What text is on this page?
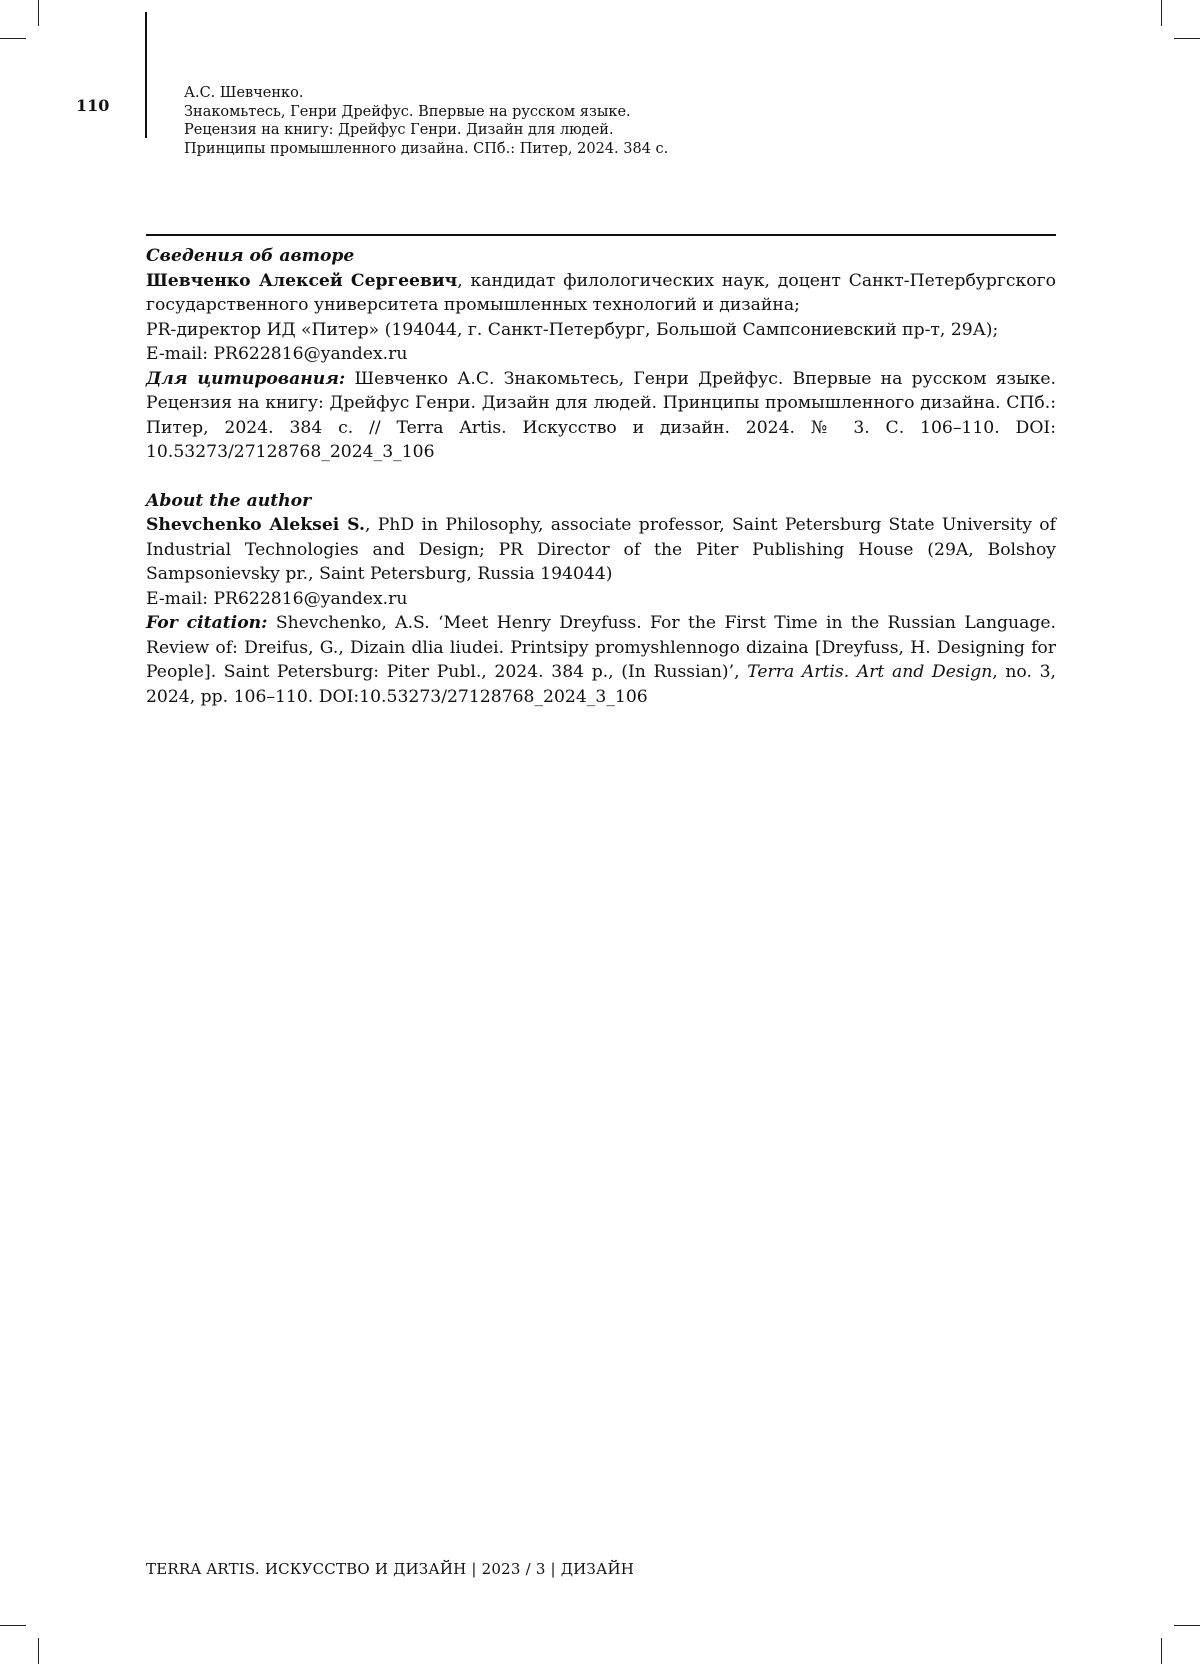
110
А.С. Шевченко.
Знакомьтесь, Генри Дрейфус. Впервые на русском языке.
Рецензия на книгу: Дрейфус Генри. Дизайн для людей.
Принципы промышленного дизайна. СПб.: Питер, 2024. 384 с.

Сведения об авторе

Шевченко Алексей Сергеевич, кандидат филологических наук, доцент Санкт-Петербургского государственного университета промышленных технологий и дизайна;

PR-директор ИД «Питер» (194044, г. Санкт-Петербург, Большой Сампсониевский пр-т, 29А);

E-mail: PR622816@yandex.ru

Для цитирования: Шевченко А.С. Знакомьтесь, Генри Дрейфус. Впервые на русском языке. Рецензия на книгу: Дрейфус Генри. Дизайн для людей. Принципы промышленного дизайна. СПб.: Питер, 2024. 384 с. // Terra Artis. Искусство и дизайн. 2024. № 3. С. 106–110. DOI: 10.53273/27128768_2024_3_106

About the author

Shevchenko Aleksei S., PhD in Philosophy, associate professor, Saint Petersburg State University of Industrial Technologies and Design; PR Director of the Piter Publishing House (29A, Bolshoy Sampsonievsky pr., Saint Petersburg, Russia 194044)

E-mail: PR622816@yandex.ru

For citation: Shevchenko, A.S. ‘Meet Henry Dreyfuss. For the First Time in the Russian Language. Review of: Dreifus, G., Dizain dlia liudei. Printsipy promyshlennogo dizaina [Dreyfuss, H. Designing for People]. Saint Petersburg: Piter Publ., 2024. 384 p., (In Russian)’, Terra Artis. Art and Design, no. 3, 2024, pp. 106–110. DOI:10.53273/27128768_2024_3_106

TERRA ARTIS. ИСКУССТВО И ДИЗАЙН | 2023 / 3 | ДИЗАЙН
